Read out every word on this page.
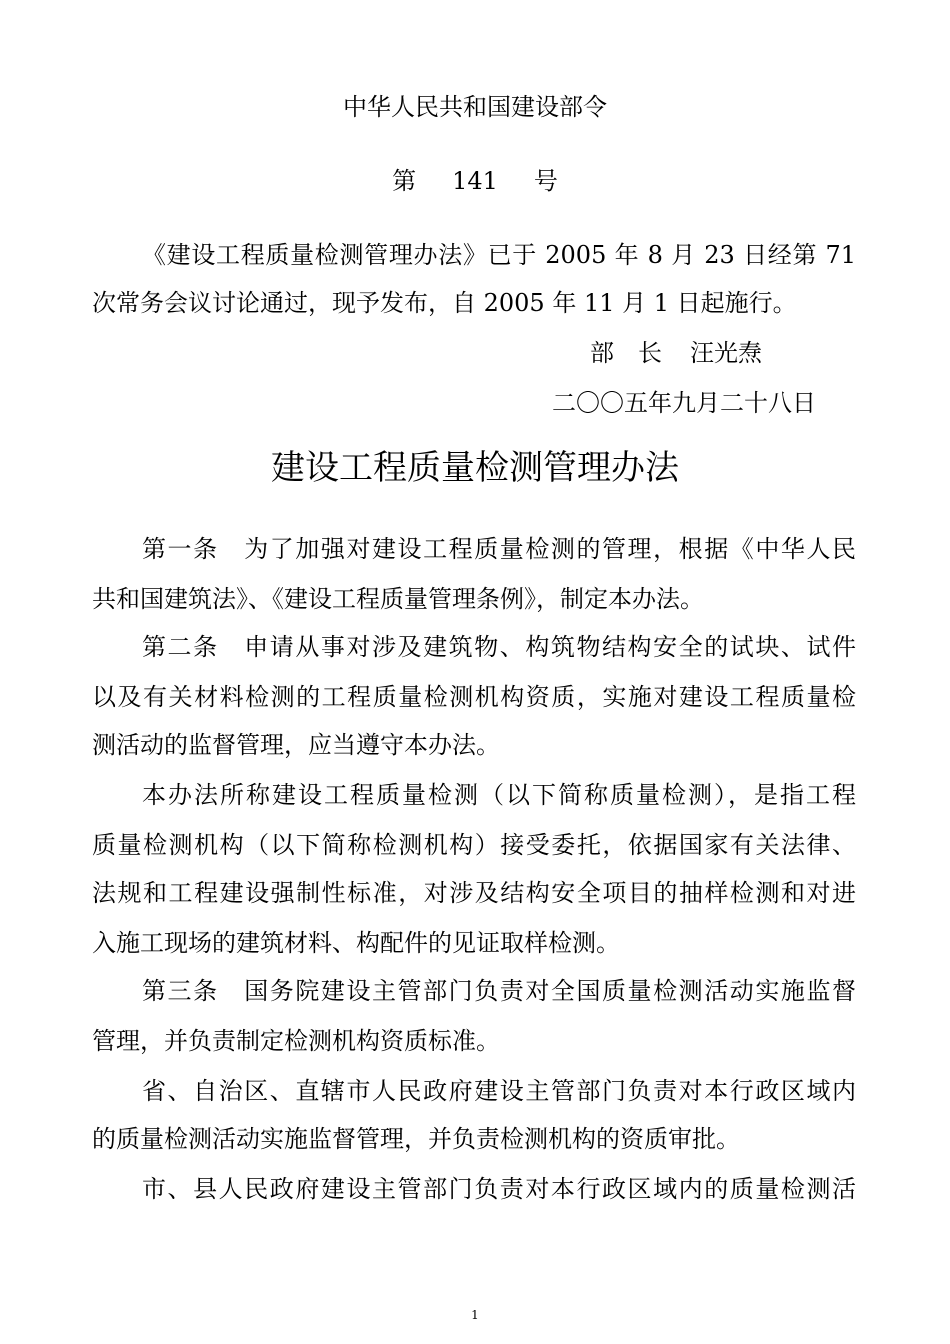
中华人民共和国建设部令
第 141 号
《建设工程质量检测管理办法》已于 2005 年 8 月 23 日经第 71
次常务会议讨论通过，现予发布，自 2005 年 11 月 1 日起施行。
部　长 汪光焘
二〇〇五年九月二十八日
建设工程质量检测管理办法
第一条　为了加强对建设工程质量检测的管理，根据《中华人民
共和国建筑法》、《建设工程质量管理条例》，制定本办法。
第二条　申请从事对涉及建筑物、构筑物结构安全的试块、试件
以及有关材料检测的工程质量检测机构资质，实施对建设工程质量检
测活动的监督管理，应当遵守本办法。
本办法所称建设工程质量检测（以下简称质量检测），是指工程
质量检测机构（以下简称检测机构）接受委托，依据国家有关法律、
法规和工程建设强制性标准，对涉及结构安全项目的抽样检测和对进
入施工现场的建筑材料、构配件的见证取样检测。
第三条　国务院建设主管部门负责对全国质量检测活动实施监督
管理，并负责制定检测机构资质标准。
省、自治区、直辖市人民政府建设主管部门负责对本行政区域内
的质量检测活动实施监督管理，并负责检测机构的资质审批。
市、县人民政府建设主管部门负责对本行政区域内的质量检测活
1
